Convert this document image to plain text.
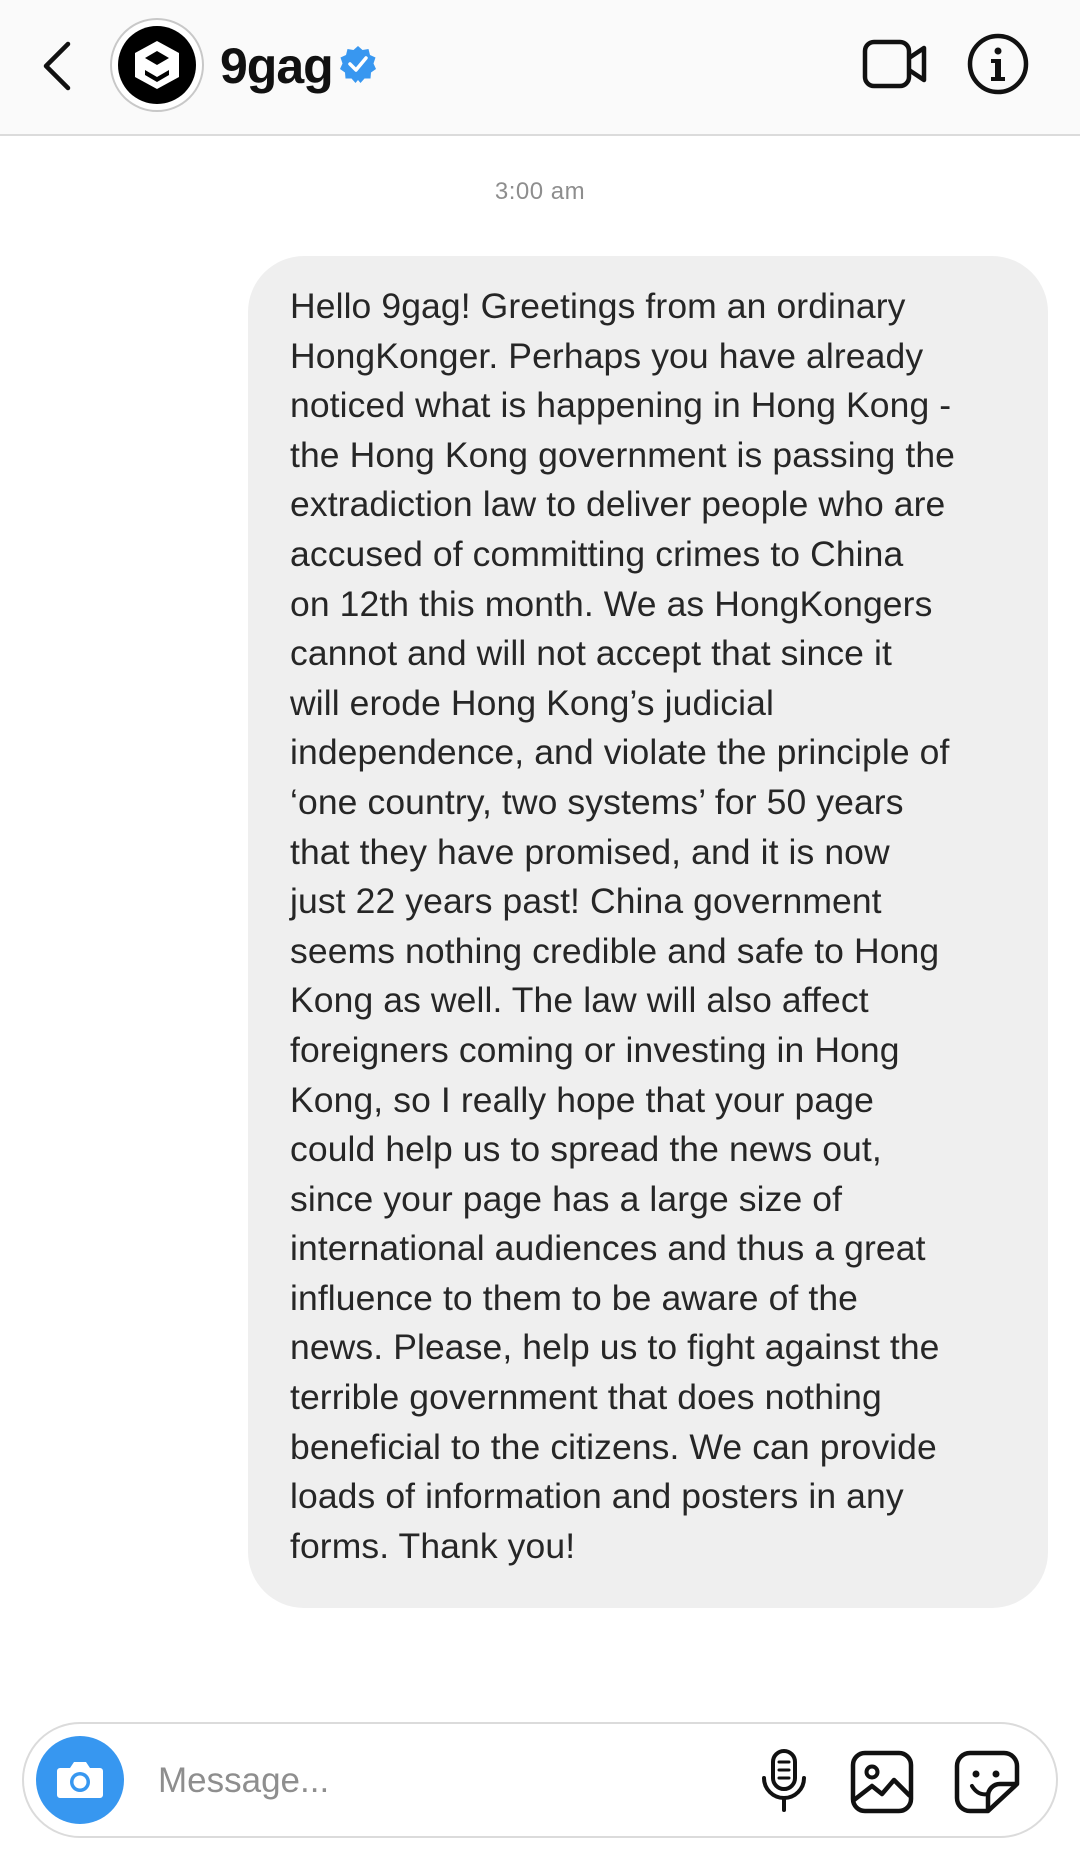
9gag
3:00 am

Hello 9gag! Greetings from an ordinary
HongKonger. Perhaps you have already
noticed what is happening in Hong Kong -
the Hong Kong government is passing the
extradiction law to deliver people who are
accused of committing crimes to China
on 12th this month. We as HongKongers
cannot and will not accept that since it
will erode Hong Kong’s judicial
independence, and violate the principle of
‘one country, two systems’ for 50 years
that they have promised, and it is now
just 22 years past! China government
seems nothing credible and safe to Hong
Kong as well. The law will also affect
foreigners coming or investing in Hong
Kong, so I really hope that your page
could help us to spread the news out,
since your page has a large size of
international audiences and thus a great
influence to them to be aware of the
news. Please, help us to fight against the
terrible government that does nothing
beneficial to the citizens. We can provide
loads of information and posters in any
forms. Thank you!

Message...
